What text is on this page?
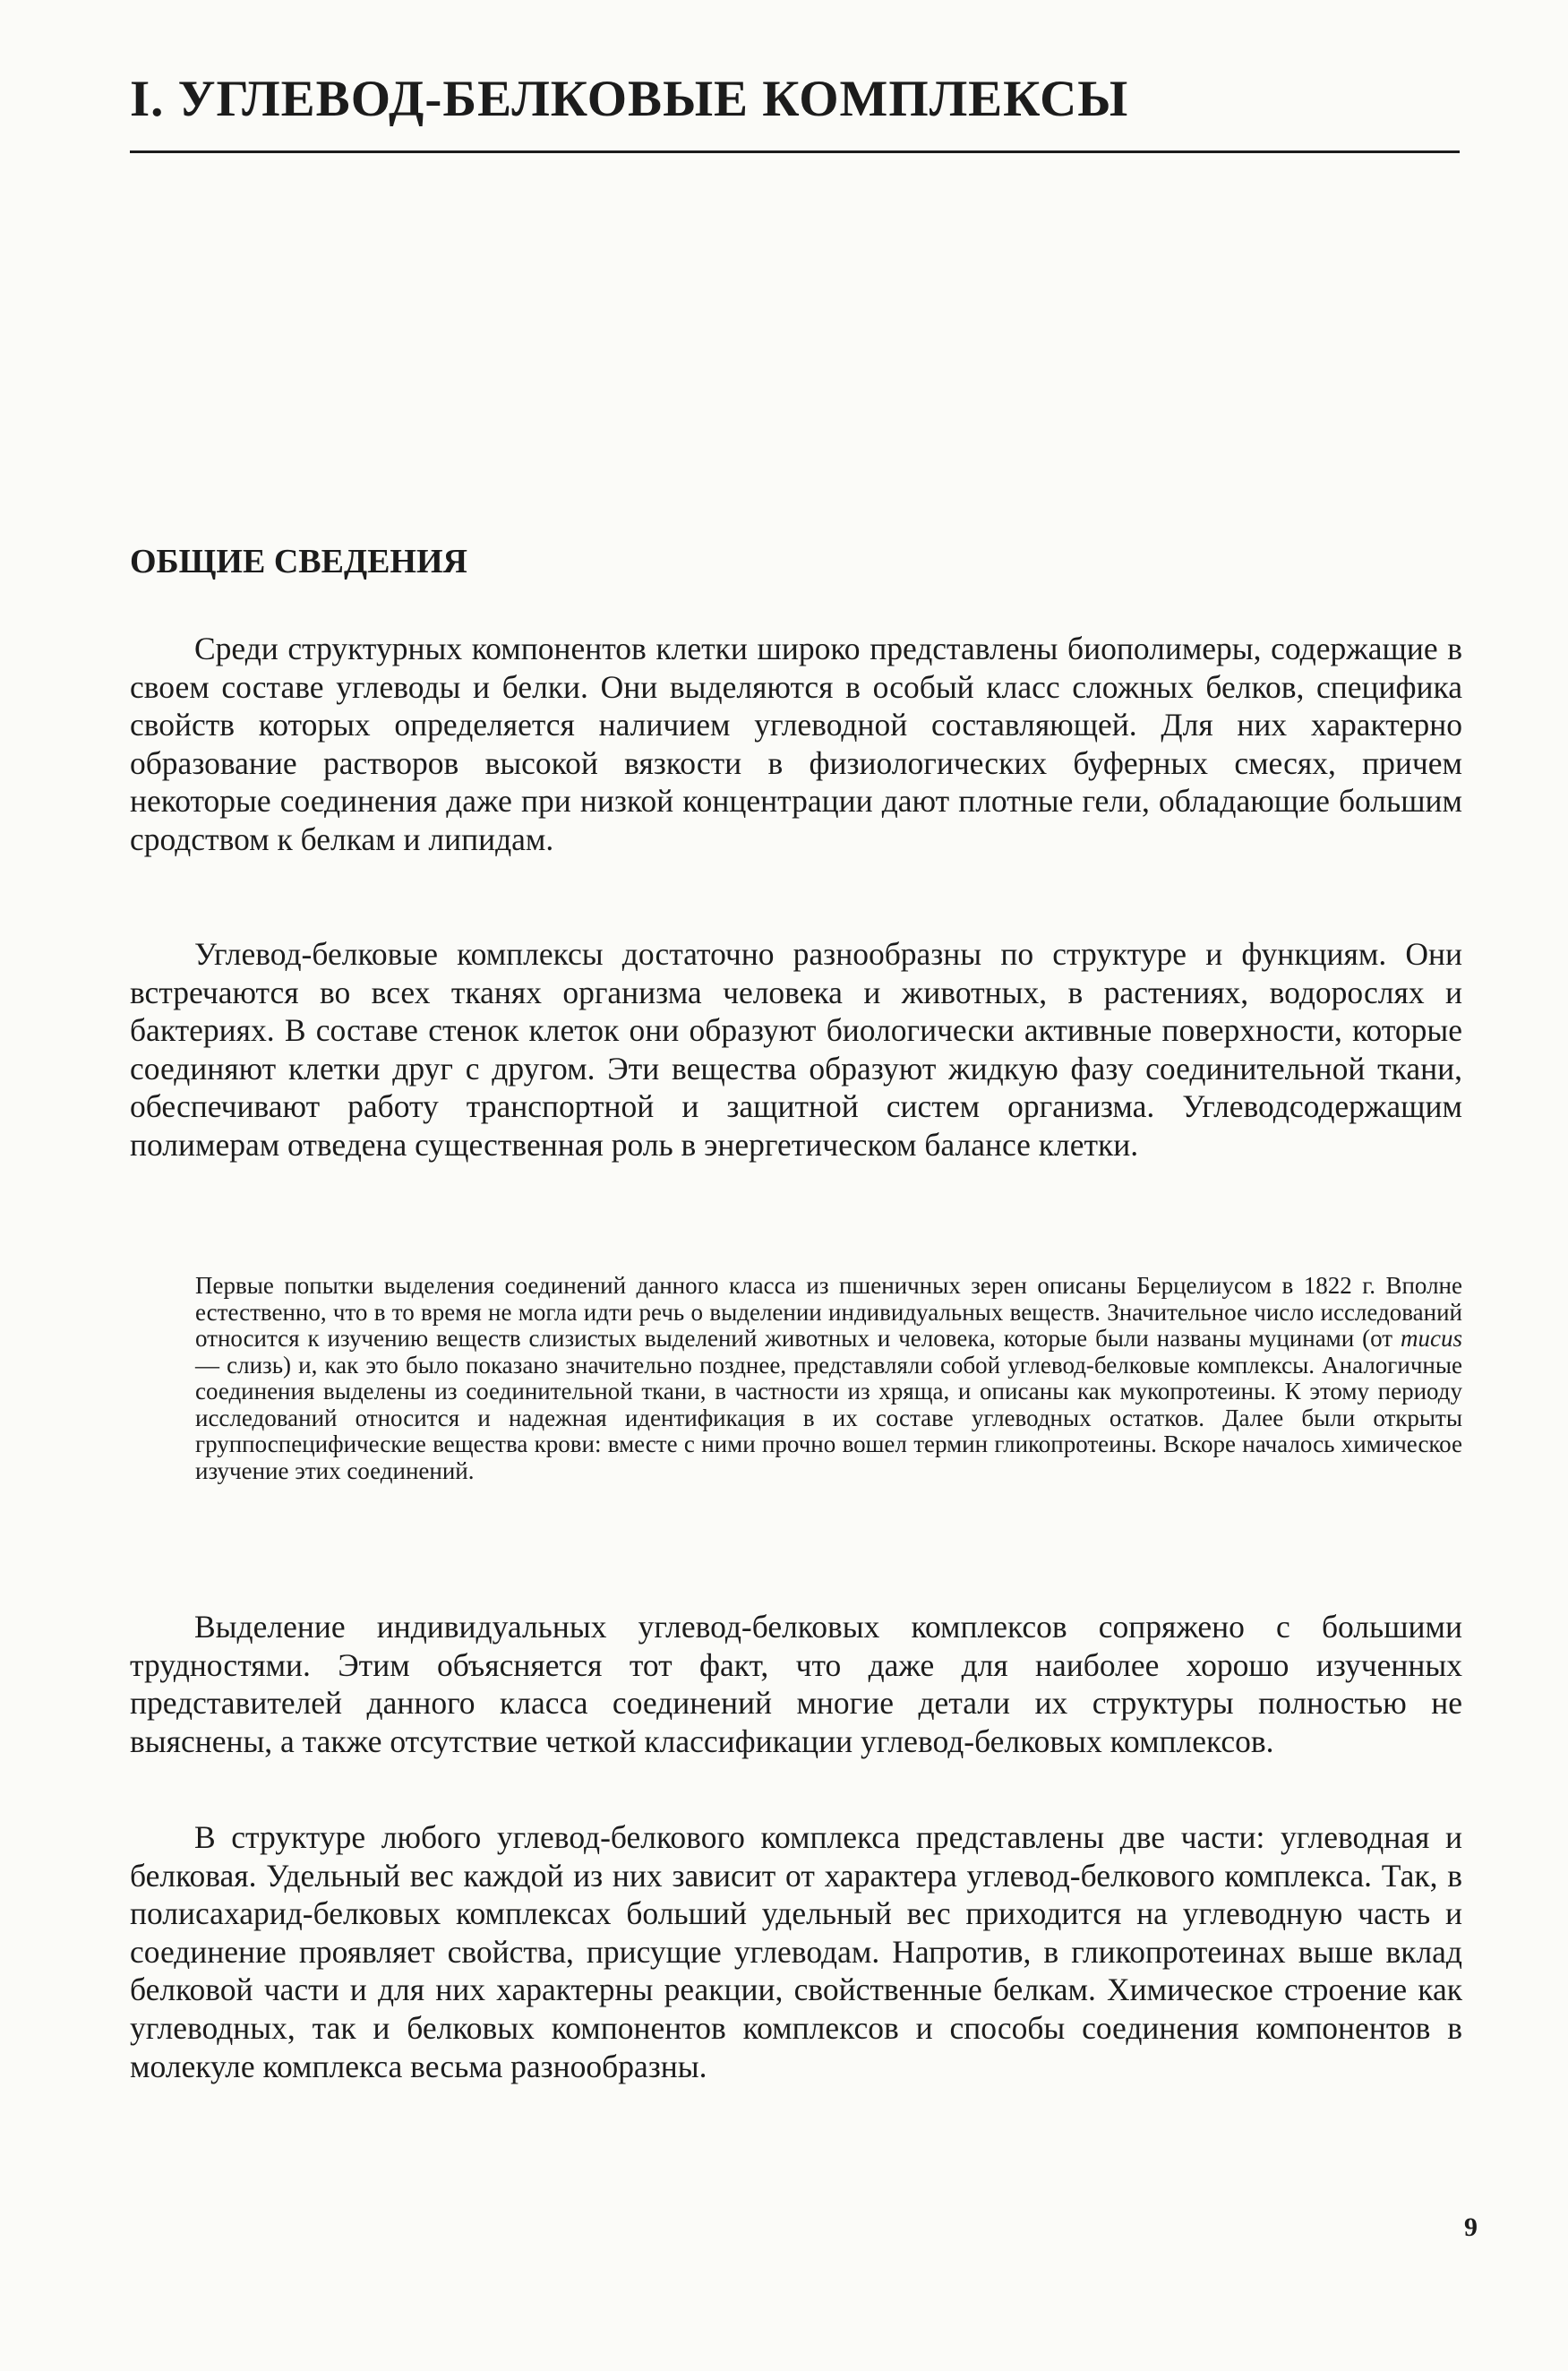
I. УГЛЕВОД-БЕЛКОВЫЕ КОМПЛЕКСЫ
ОБЩИЕ СВЕДЕНИЯ

Среди структурных компонентов клетки широко представлены биополимеры, содержащие в своем составе углеводы и белки. Они выделяются в особый класс сложных белков, специфика свойств которых определяется наличием углеводной составляющей. Для них характерно образование растворов высокой вязкости в физиологических буферных смесях, причем некоторые соединения даже при низкой концентрации дают плотные гели, обладающие большим сродством к белкам и липидам.

Углевод-белковые комплексы достаточно разнообразны по структуре и функциям. Они встречаются во всех тканях организма человека и животных, в растениях, водорослях и бактериях. В составе стенок клеток они образуют биологически активные поверхности, которые соединяют клетки друг с другом. Эти вещества образуют жидкую фазу соединительной ткани, обеспечивают работу транспортной и защитной систем организма. Углеводсодержащим полимерам отведена существенная роль в энергетическом балансе клетки.

Первые попытки выделения соединений данного класса из пшеничных зерен описаны Берцелиусом в 1822 г. Вполне естественно, что в то время не могла идти речь о выделении индивидуальных веществ. Значительное число исследований относится к изучению веществ слизистых выделений животных и человека, которые были названы муцинами (от mucus — слизь) и, как это было показано значительно позднее, представляли собой углевод-белковые комплексы. Аналогичные соединения выделены из соединительной ткани, в частности из хряща, и описаны как мукопротеины. К этому периоду исследований относится и надежная идентификация в их составе углеводных остатков. Далее были открыты группоспецифические вещества крови: вместе с ними прочно вошел термин гликопротеины. Вскоре началось химическое изучение этих соединений.

Выделение индивидуальных углевод-белковых комплексов сопряжено с большими трудностями. Этим объясняется тот факт, что даже для наиболее хорошо изученных представителей данного класса соединений многие детали их структуры полностью не выяснены, а также отсутствие четкой классификации углевод-белковых комплексов.

В структуре любого углевод-белкового комплекса представлены две части: углеводная и белковая. Удельный вес каждой из них зависит от характера углевод-белкового комплекса. Так, в полисахарид-белковых комплексах больший удельный вес приходится на углеводную часть и соединение проявляет свойства, присущие углеводам. Напротив, в гликопротеинах выше вклад белковой части и для них характерны реакции, свойственные белкам. Химическое строение как углеводных, так и белковых компонентов комплексов и способы соединения компонентов в молекуле комплекса весьма разнообразны.

9
